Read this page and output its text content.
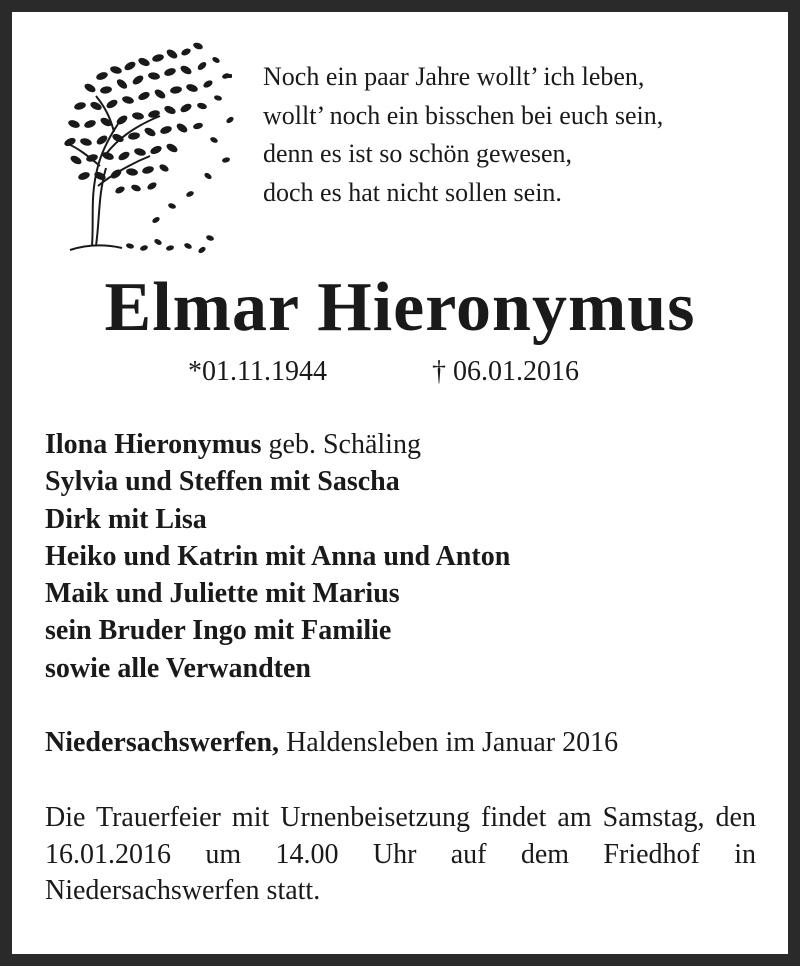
Noch ein paar Jahre wollt’ ich leben,
wollt’ noch ein bisschen bei euch sein,
denn es ist so schön gewesen,
doch es hat nicht sollen sein.
Elmar Hieronymus
*01.11.1944	† 06.01.2016
Ilona Hieronymus geb. Schäling
Sylvia und Steffen mit Sascha
Dirk mit Lisa
Heiko und Katrin mit Anna und Anton
Maik und Juliette mit Marius
sein Bruder Ingo mit Familie
sowie alle Verwandten
Niedersachswerfen, Haldensleben im Januar 2016
Die Trauerfeier mit Urnenbeisetzung findet am Samstag, den 16.01.2016 um 14.00 Uhr auf dem Friedhof in Niedersachswerfen statt.
